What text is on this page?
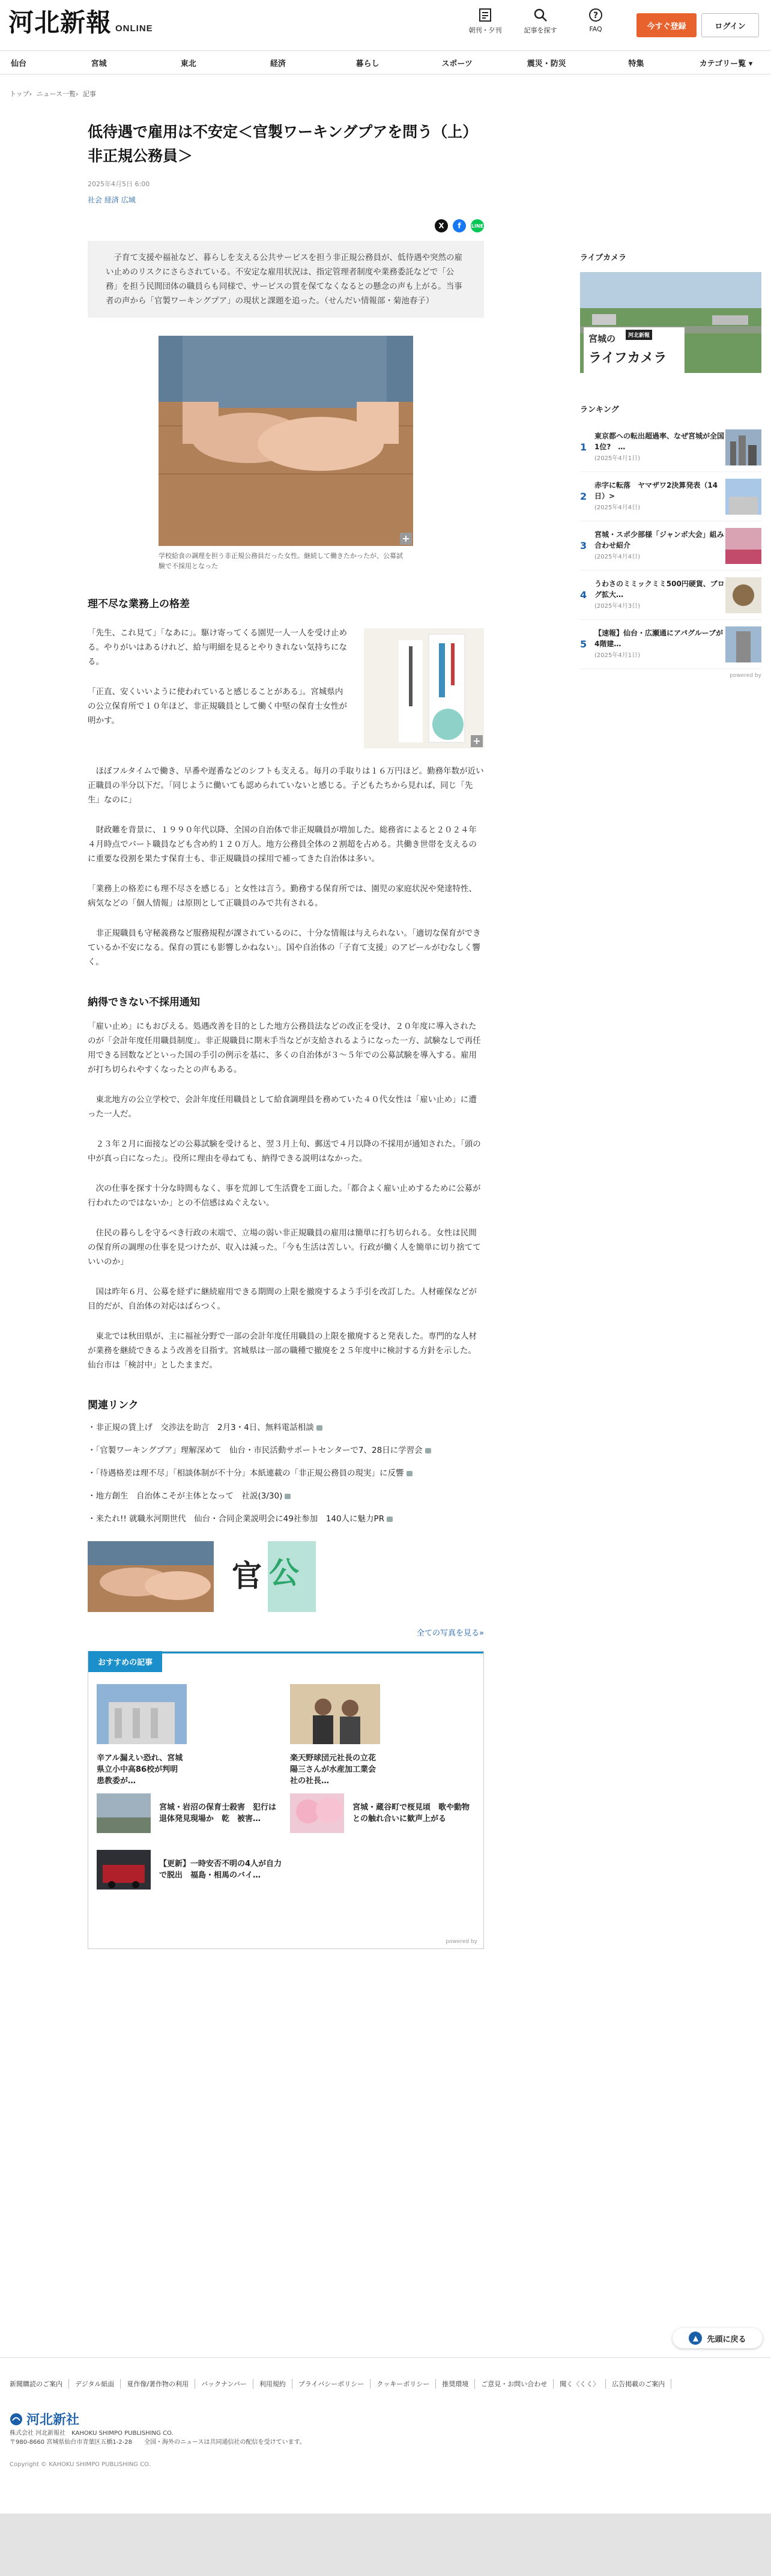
河北新報 ONLINE	朝刊・夕刊	記事を探す
?
FAQ	今すぐ登録	ログイン
仙台	宮城	東北	経済	暮らし	スポーツ	震災・防災	特集	カテゴリー覧 ▾
トップ› ニュース一覧› 記事
低待遇で雇用は不安定＜官製ワーキングプアを問う（上）非正規公務員＞
2025年4月5日 6:00
社会 経済 広域
X	f	LINE
　子育て支援や福祉など、暮らしを支える公共サービスを担う非正規公務員が、低待遇や突然の雇い止めのリスクにさらされている。不安定な雇用状況は、指定管理者制度や業務委託などで「公務」を担う民間団体の職員らも同様で、サービスの質を保てなくなるとの懸念の声も上がる。当事者の声から「官製ワーキングプア」の現状と課題を追った。（せんだい情報部・菊池春子）
+
学校給食の調理を担う非正規公務員だった女性。継続して働きたかったが、公募試験で不採用となった
理不尽な業務上の格差

「先生、これ見て」「なあに」。駆け寄ってくる園児一人一人を受け止める。やりがいはあるけれど、給与明細を見るとやりきれない気持ちになる。

「正直、安くいいように使われていると感じることがある」。宮城県内の公立保育所で１０年ほど、非正規職員として働く中堅の保育士女性が明かす。

+

　ほぼフルタイムで働き、早番や遅番などのシフトも支える。毎月の手取りは１６万円ほど。勤務年数が近い正職員の半分以下だ。「同じように働いても認められていないと感じる。子どもたちから見れば、同じ「先生」なのに」

　財政難を背景に、１９９０年代以降、全国の自治体で非正規職員が増加した。総務省によると２０２４年４月時点でパート職員なども含め約１２０万人。地方公務員全体の２割超を占める。共働き世帯を支えるのに重要な役割を果たす保育士も、非正規職員の採用で補ってきた自治体は多い。

「業務上の格差にも理不尽さを感じる」と女性は言う。勤務する保育所では、園児の家庭状況や発達特性、病気などの「個人情報」は原則として正職員のみで共有される。

　非正規職員も守秘義務など服務規程が課されているのに、十分な情報は与えられない。「適切な保育ができているか不安になる。保育の質にも影響しかねない」。国や自治体の「子育て支援」のアピールがむなしく響く。

納得できない不採用通知

「雇い止め」にもおびえる。処遇改善を目的とした地方公務員法などの改正を受け、２０年度に導入されたのが「会計年度任用職員制度」。非正規職員に期末手当などが支給されるようになった一方、試験なしで再任用できる回数などといった国の手引の例示を基に、多くの自治体が３～５年での公募試験を導入する。雇用が打ち切られやすくなったとの声もある。

　東北地方の公立学校で、会計年度任用職員として給食調理員を務めていた４０代女性は「雇い止め」に遭った一人だ。

　２３年２月に面接などの公募試験を受けると、翌３月上旬、郵送で４月以降の不採用が通知された。「頭の中が真っ白になった」。役所に理由を尋ねても、納得できる説明はなかった。

　次の仕事を探す十分な時間もなく、事を荒卸して生活費を工面した。「都合よく雇い止めするために公募が行われたのではないか」との不信感はぬぐえない。

　住民の暮らしを守るべき行政の末端で、立場の弱い非正規職員の雇用は簡単に打ち切られる。女性は民間の保育所の調理の仕事を見つけたが、収入は減った。「今も生活は苦しい。行政が働く人を簡単に切り捨てていいのか」

　国は昨年６月、公募を経ずに継続雇用できる期間の上限を撤廃するよう手引を改訂した。人材確保などが目的だが、自治体の対応はばらつく。

　東北では秋田県が、主に福祉分野で一部の会計年度任用職員の上限を撤廃すると発表した。専門的な人材が業務を継続できるよう改善を目指す。宮城県は一部の職種で撤廃を２５年度中に検討する方針を示した。仙台市は「検討中」としたままだ。

関連リンク
・非正規の賃上げ　交渉法を助言　2月3・4日、無料電話相談
・「官製ワーキングプア」理解深めて　仙台・市民活動サポートセンターで7、28日に学習会
・「待遇格差は理不尽」「相談体制が不十分」本紙連載の「非正規公務員の現実」に反響
・地方創生　自治体こそが主体となって　社説(3/30)
・来たれ!! 就職氷河期世代　仙台・合同企業説明会に49社参加　140人に魅力PR
官 公
全ての写真を見る»
おすすめの記事
辛アル漏えい恐れ、宮城県立小中高86校が判明　患教委が…
楽天野球団元社長の立花陽三さんが水産加工業会社の社長…
宮城・岩沼の保育士殺害　犯行は退体発見現場か　乾　被害…
宮城・蔵谷町で桜見頃　歌や動物との触れ合いに歓声上がる
【更新】一時安否不明の4人が自力で脱出　福島・相馬のバイ…
powered by
ライブカメラ
宮城の	河北新報
ライフカメラ
ランキング
1
東京都への転出超過率、なぜ宮城が全国1位?　…
(2025年4月1日)
2
赤字に転落　ヤマザワ2決算発表（14日）>
(2025年4月4日)
3
宮城・スポ少部様「ジャンボ大会」組み合わせ紹介
(2025年4月4日)
4
うわさのミミックミミ500円硬貨、ブログ拡大…
(2025年4月3日)
5
【速報】仙台・広瀬通にアパグルーブが4階建…
(2025年4月1日)
powered by
▲	先頭に戻る
新聞購読のご案内	デジタル紙面	夏作像/著作物の利用	バックナンバー	利用規約	プライバシーポリシー	クッキーポリシー	推奨環境	ご意見・お問い合わせ	聞く〈くく〉	広告掲載のご案内
河北新社
株式会社 河北新報社　KAHOKU SHIMPO PUBLISHING CO.
〒980-8660 宮城県仙台市青葉区五橋1-2-28　　全国・海外のニュースは共同通信社の配信を受けています。
Copyright © KAHOKU SHIMPO PUBLISHING CO.
